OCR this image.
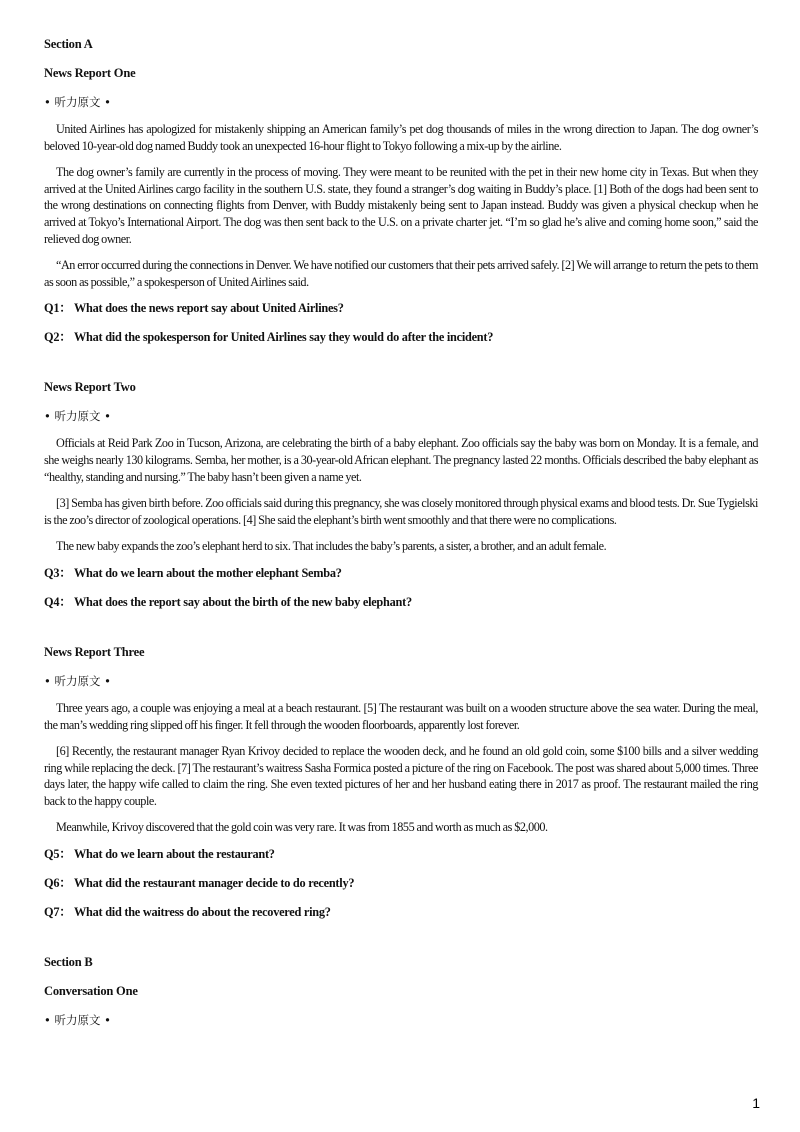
Section A
News Report One
• 听力原文 •

United Airlines has apologized for mistakenly shipping an American family’s pet dog thousands of miles in the wrong direction to Japan. The dog owner’s beloved 10-year-old dog named Buddy took an unexpected 16-hour flight to Tokyo following a mix-up by the airline.

The dog owner’s family are currently in the process of moving. They were meant to be reunited with the pet in their new home city in Texas. But when they arrived at the United Airlines cargo facility in the southern U.S. state, they found a stranger’s dog waiting in Buddy’s place. [1] Both of the dogs had been sent to the wrong destinations on connecting flights from Denver, with Buddy mistakenly being sent to Japan instead. Buddy was given a physical checkup when he arrived at Tokyo’s International Airport. The dog was then sent back to the U.S. on a private charter jet. “I’m so glad he’s alive and coming home soon,” said the relieved dog owner.

“An error occurred during the connections in Denver. We have notified our customers that their pets arrived safely. [2] We will arrange to return the pets to them as soon as possible,” a spokesperson of United Airlines said.

Q1： What does the news report say about United Airlines?
Q2： What did the spokesperson for United Airlines say they would do after the incident?
News Report Two
• 听力原文 •

Officials at Reid Park Zoo in Tucson, Arizona, are celebrating the birth of a baby elephant. Zoo officials say the baby was born on Monday. It is a female, and she weighs nearly 130 kilograms. Semba, her mother, is a 30-year-old African elephant. The pregnancy lasted 22 months. Officials described the baby elephant as “healthy, standing and nursing.” The baby hasn’t been given a name yet.

[3] Semba has given birth before. Zoo officials said during this pregnancy, she was closely monitored through physical exams and blood tests. Dr. Sue Tygielski is the zoo’s director of zoological operations. [4] She said the elephant’s birth went smoothly and that there were no complications.

The new baby expands the zoo’s elephant herd to six. That includes the baby’s parents, a sister, a brother, and an adult female.

Q3： What do we learn about the mother elephant Semba?
Q4： What does the report say about the birth of the new baby elephant?
News Report Three
• 听力原文 •

Three years ago, a couple was enjoying a meal at a beach restaurant. [5] The restaurant was built on a wooden structure above the sea water. During the meal, the man’s wedding ring slipped off his finger. It fell through the wooden floorboards, apparently lost forever.

[6] Recently, the restaurant manager Ryan Krivoy decided to replace the wooden deck, and he found an old gold coin, some $100 bills and a silver wedding ring while replacing the deck. [7] The restaurant’s waitress Sasha Formica posted a picture of the ring on Facebook. The post was shared about 5,000 times. Three days later, the happy wife called to claim the ring. She even texted pictures of her and her husband eating there in 2017 as proof. The restaurant mailed the ring back to the happy couple.

Meanwhile, Krivoy discovered that the gold coin was very rare. It was from 1855 and worth as much as $2,000.

Q5： What do we learn about the restaurant?
Q6： What did the restaurant manager decide to do recently?
Q7： What did the waitress do about the recovered ring?
Section B
Conversation One
• 听力原文 •
1
